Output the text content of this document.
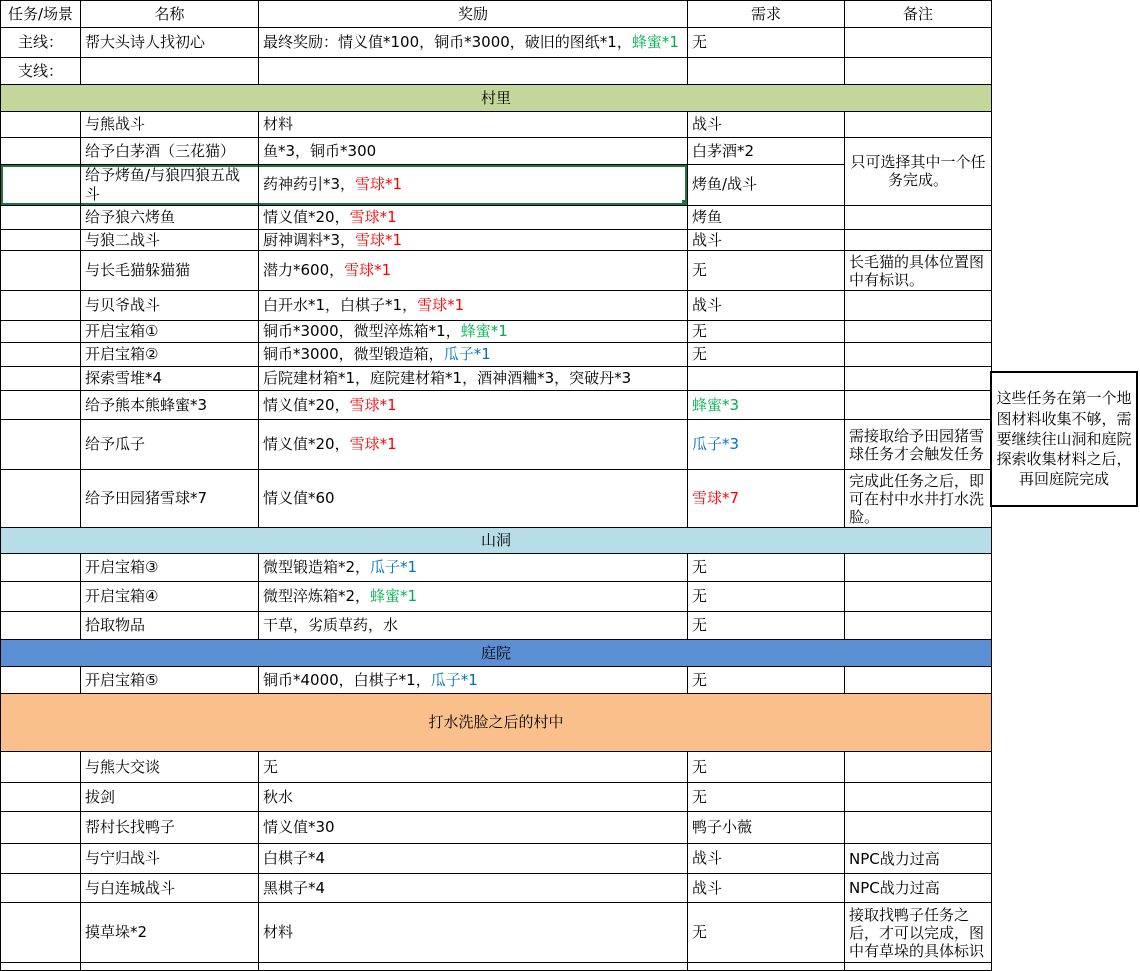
任务/场景	名称	奖励	需求	备注
主线：	帮大头诗人找初心	最终奖励：情义值*100，铜币*3000，破旧的图纸*1，蜂蜜*1	无	
支线：				
村里				
	与熊战斗	材料	战斗	
	给予白茅酒（三花猫）	鱼*3，铜币*300	白茅酒*2	只可选择其中一个任务完成。
	给予烤鱼/与狼四狼五战斗	药神药引*3，雪球*1	烤鱼/战斗	
	给予狼六烤鱼	情义值*20，雪球*1	烤鱼	
	与狼二战斗	厨神调料*3，雪球*1	战斗	
	与长毛猫躲猫猫	潜力*600，雪球*1	无	长毛猫的具体位置图中有标识。
	与贝爷战斗	白开水*1，白棋子*1，雪球*1	战斗	
	开启宝箱①	铜币*3000，微型淬炼箱*1，蜂蜜*1	无	
	开启宝箱②	铜币*3000，微型锻造箱，瓜子*1	无	
	探索雪堆*4	后院建材箱*1，庭院建材箱*1，酒神酒粬*3，突破丹*3		
	给予熊本熊蜂蜜*3	情义值*20，雪球*1	蜂蜜*3	
	给予瓜子	情义值*20，雪球*1	瓜子*3	需接取给予田园猪雪球任务才会触发任务
	给予田园猪雪球*7	情义值*60	雪球*7	完成此任务之后，即可在村中水井打水洗脸。
山洞				
	开启宝箱③	微型锻造箱*2，瓜子*1	无	
	开启宝箱④	微型淬炼箱*2，蜂蜜*1	无	
	拾取物品	干草，劣质草药，水	无	
庭院				
	开启宝箱⑤	铜币*4000，白棋子*1，瓜子*1	无	
打水洗脸之后的村中				
	与熊大交谈	无	无	
	拔剑	秋水	无	
	帮村长找鸭子	情义值*30	鸭子小薇	
	与宁归战斗	白棋子*4	战斗	NPC战力过高
	与白连城战斗	黑棋子*4	战斗	NPC战力过高
	摸草垛*2	材料	无	接取找鸭子任务之后，才可以完成，图中有草垛的具体标识

这些任务在第一个地图材料收集不够，需要继续往山洞和庭院探索收集材料之后，再回庭院完成
